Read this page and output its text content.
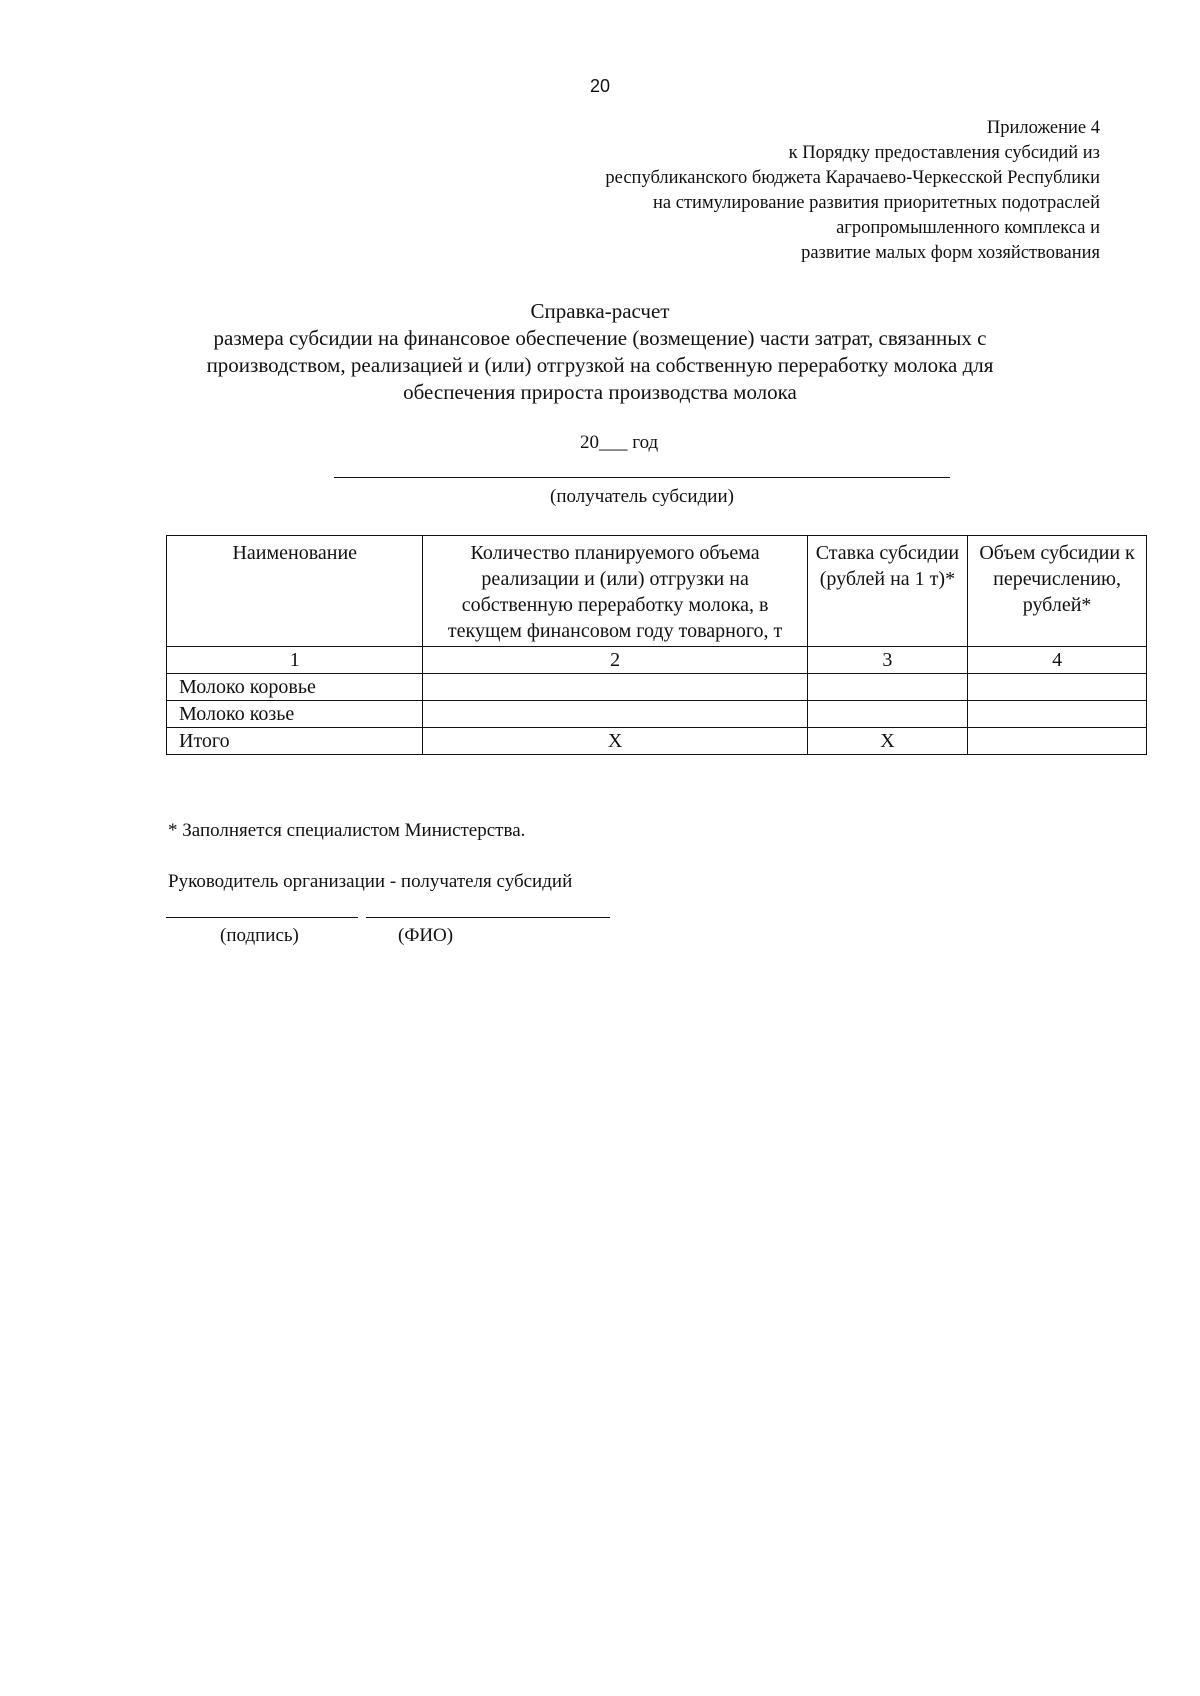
20
Приложение 4
к Порядку предоставления субсидий из
республиканского бюджета Карачаево-Черкесской Республики
на стимулирование развития приоритетных подотраслей
агропромышленного комплекса и
развитие малых форм хозяйствования
Справка-расчет
размера субсидии на финансовое обеспечение (возмещение) части затрат, связанных с
производством, реализацией и (или) отгрузкой на собственную переработку молока для
обеспечения прироста производства молока
20___ год
(получатель субсидии)
Наименование	Количество планируемого объема реализации и (или) отгрузки на собственную переработку молока, в текущем финансовом году товарного, т	Ставка субсидии (рублей на 1 т)*	Объем субсидии к перечислению, рублей*
1	2	3	4
Молоко коровье			
Молоко козье			
Итого	Х	Х	
* Заполняется специалистом Министерства.
Руководитель организации - получателя субсидий
(подпись)	(ФИО)
